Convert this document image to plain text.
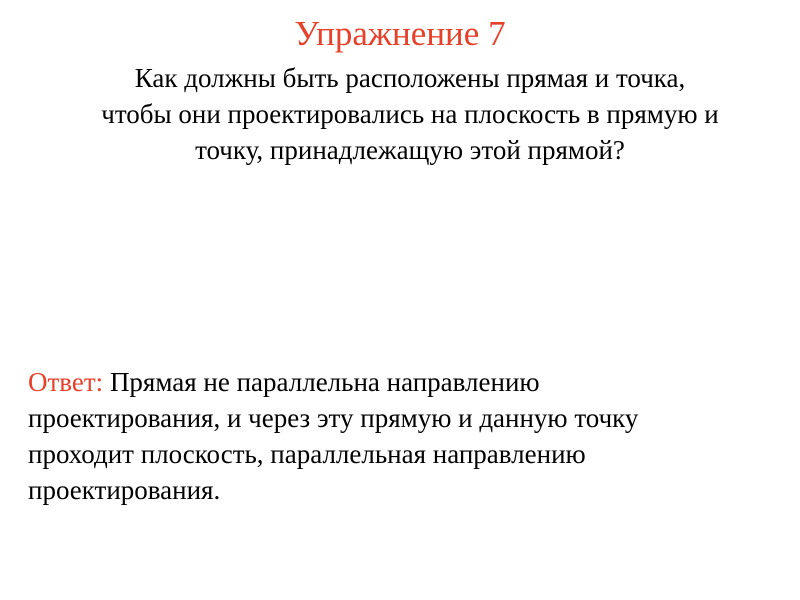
Упражнение 7
Как должны быть расположены прямая и точка,
чтобы они проектировались на плоскость в прямую и
точку, принадлежащую этой прямой?
Ответ: Прямая не параллельна направлению
проектирования, и через эту прямую и данную точку
проходит плоскость, параллельная направлению
проектирования.
